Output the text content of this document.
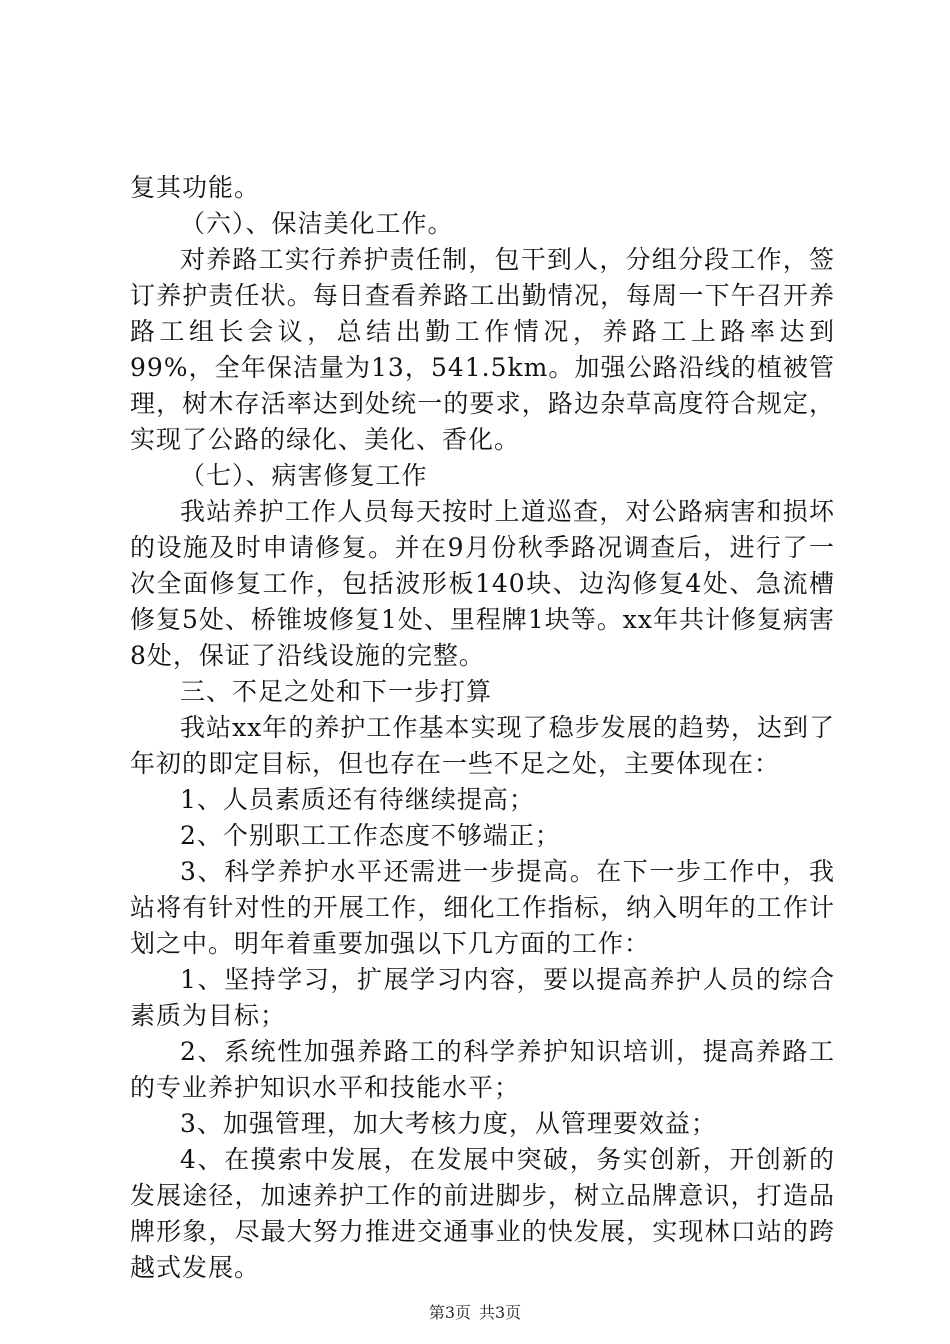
复其功能。

（六）、保洁美化工作。

对养路工实行养护责任制，包干到人，分组分段工作，签订养护责任状。每日查看养路工出勤情况，每周一下午召开养路工组长会议，总结出勤工作情况，养路工上路率达到99%，全年保洁量为13，541.5km。加强公路沿线的植被管理，树木存活率达到处统一的要求，路边杂草高度符合规定，实现了公路的绿化、美化、香化。

（七）、病害修复工作

我站养护工作人员每天按时上道巡查，对公路病害和损坏的设施及时申请修复。并在9月份秋季路况调查后，进行了一次全面修复工作，包括波形板140块、边沟修复4处、急流槽修复5处、桥锥坡修复1处、里程牌1块等。xx年共计修复病害8处，保证了沿线设施的完整。

三、不足之处和下一步打算

我站xx年的养护工作基本实现了稳步发展的趋势，达到了年初的即定目标，但也存在一些不足之处，主要体现在：

1、人员素质还有待继续提高；

2、个别职工工作态度不够端正；

3、科学养护水平还需进一步提高。在下一步工作中，我站将有针对性的开展工作，细化工作指标，纳入明年的工作计划之中。明年着重要加强以下几方面的工作：

1、坚持学习，扩展学习内容，要以提高养护人员的综合素质为目标；

2、系统性加强养路工的科学养护知识培训，提高养路工的专业养护知识水平和技能水平；

3、加强管理，加大考核力度，从管理要效益；

4、在摸索中发展，在发展中突破，务实创新，开创新的发展途径，加速养护工作的前进脚步，树立品牌意识，打造品牌形象，尽最大努力推进交通事业的快发展，实现林口站的跨越式发展。

第3页 共3页
